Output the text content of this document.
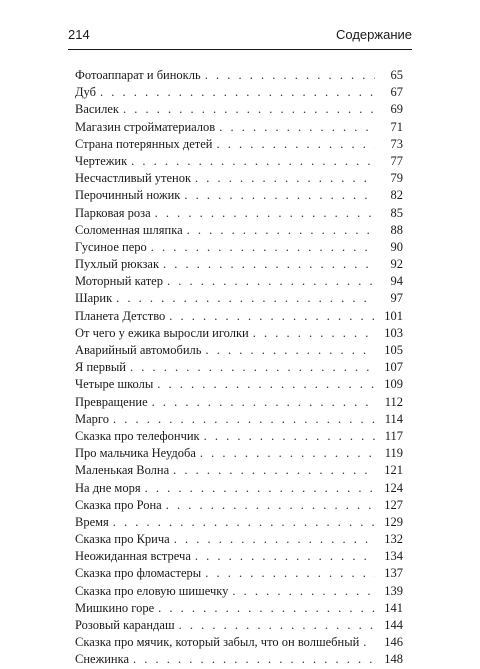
214	Содержание
Фотоаппарат и бинокль . . .	65
Дуб . . .	67
Василек . . .	69
Магазин стройматериалов . . .	71
Страна потерянных детей . . .	73
Чертежик . . .	77
Несчастливый утенок . . .	79
Перочинный ножик . . .	82
Парковая роза . . .	85
Соломенная шляпка . . .	88
Гусиное перо . . .	90
Пухлый рюкзак . . .	92
Моторный катер . . .	94
Шарик . . .	97
Планета Детство . . .	101
От чего у ежика выросли иголки . . .	103
Аварийный автомобиль . . .	105
Я первый . . .	107
Четыре школы . . .	109
Превращение . . .	112
Марго . . .	114
Сказка про телефончик . . .	117
Про мальчика Неудоба . . .	119
Маленькая Волна . . .	121
На дне моря . . .	124
Сказка про Рона . . .	127
Время . . .	129
Сказка про Крича . . .	132
Неожиданная встреча . . .	134
Сказка про фломастеры . . .	137
Сказка про еловую шишечку . . .	139
Мишкино горе . . .	141
Розовый карандаш . . .	144
Сказка про мячик, который забыл, что он волшебный . . .	146
Снежинка . . .	148
